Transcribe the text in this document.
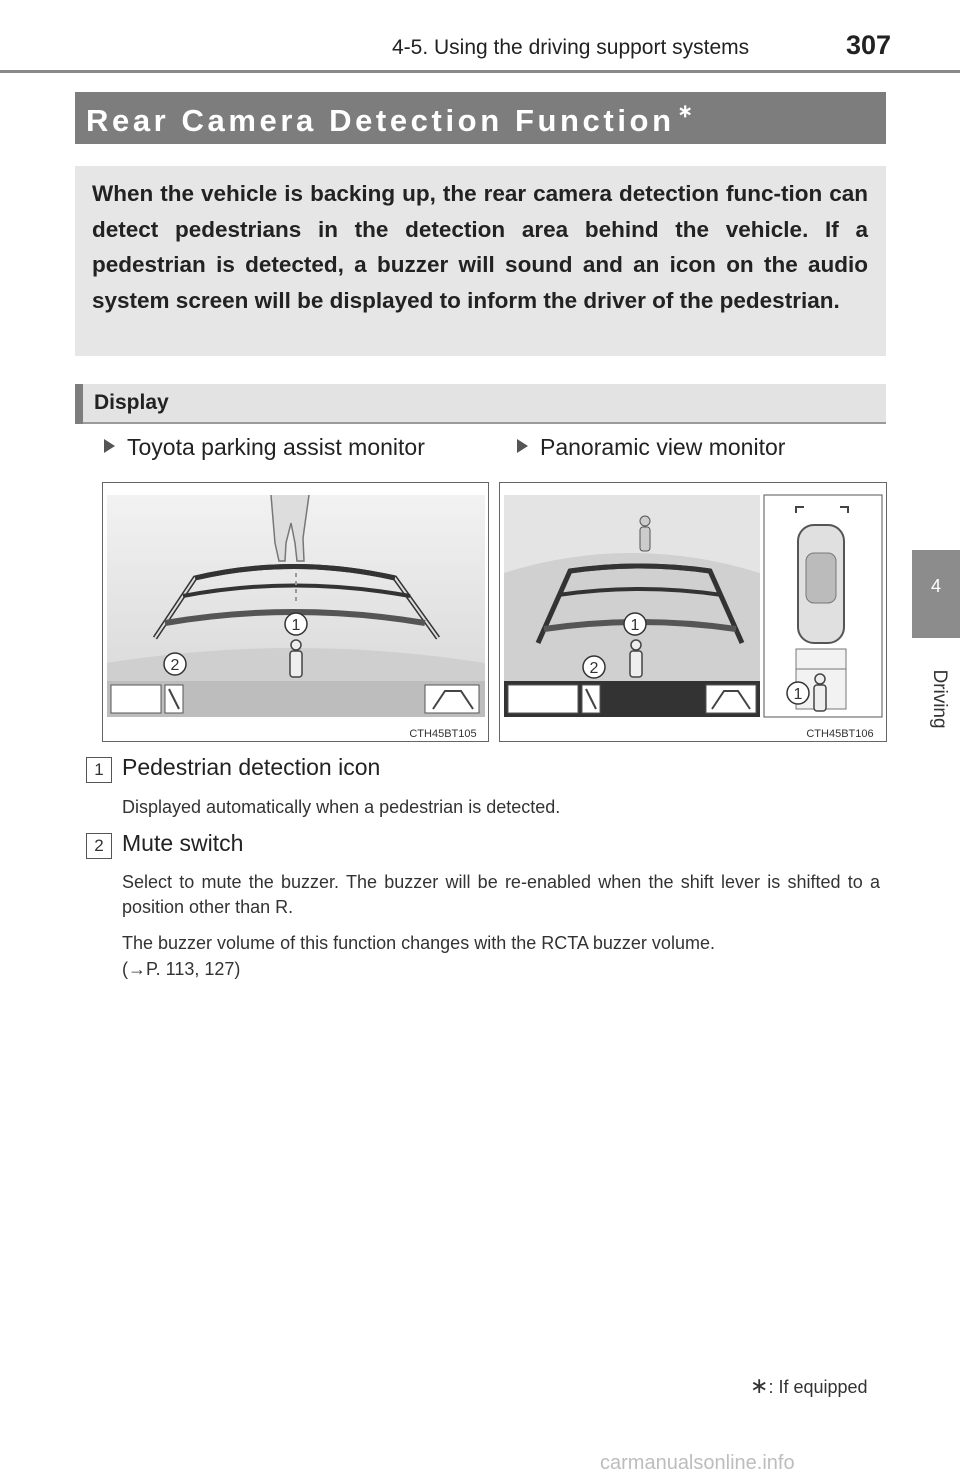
4-5. Using the driving support systems	307
4
Driving
Rear Camera Detection Function ∗
When the vehicle is backing up, the rear camera detection func-tion can detect pedestrians in the detection area behind the vehicle. If a pedestrian is detected, a buzzer will sound and an icon on the audio system screen will be displayed to inform the driver of the pedestrian.
Display
Toyota parking assist monitor	Panoramic view monitor
1
2
CTH45BT105
1
2
1
CTH45BT106
1 Pedestrian detection icon
Displayed automatically when a pedestrian is detected.
2 Mute switch
Select to mute the buzzer. The buzzer will be re-enabled when the shift lever is shifted to a position other than R.
The buzzer volume of this function changes with the RCTA buzzer volume.
(→P. 113, 127)
∗: If equipped
carmanualsonline.info
